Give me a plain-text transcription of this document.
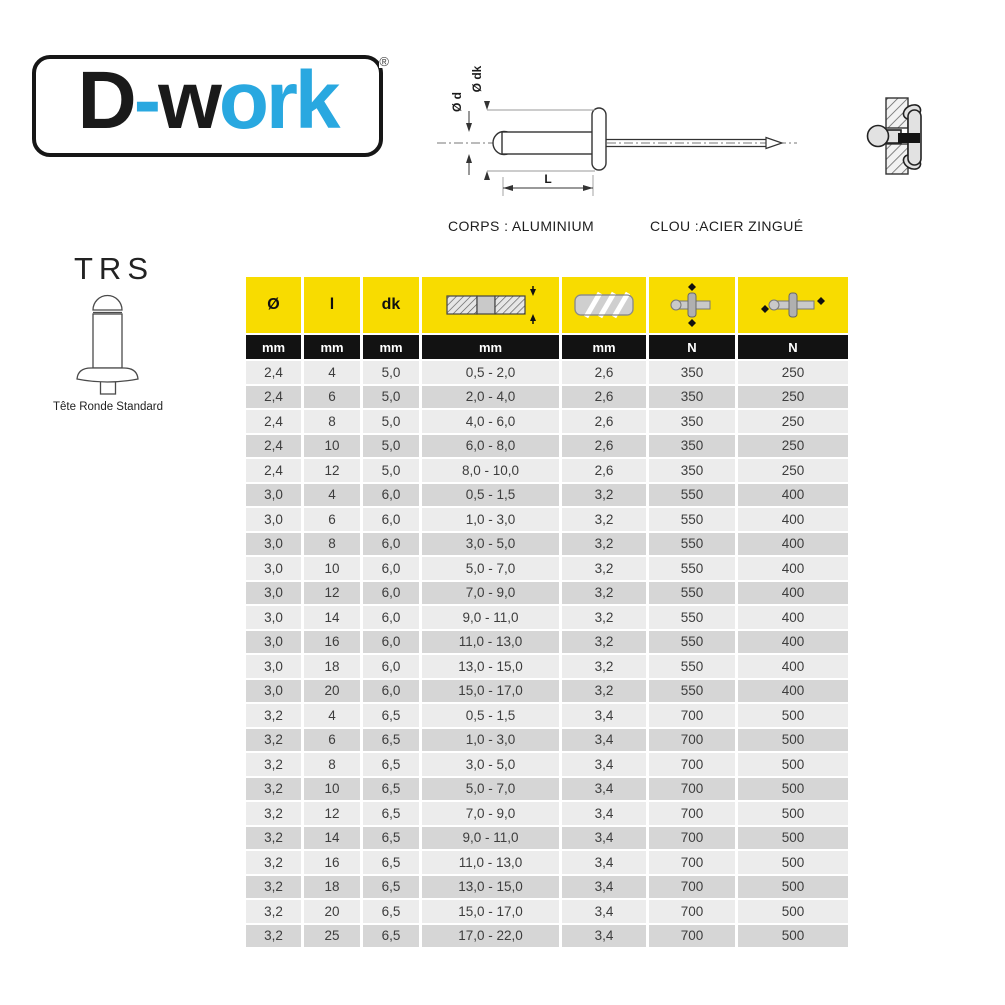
D-work	®
Ø d
Ø dk
L
CORPS : ALUMINIUM	CLOU :ACIER ZINGUÉ
TRS
Tête Ronde Standard
Ø	l	dk
mm	mm	mm	mm	mm	N	N
2,4	4	5,0	0,5 - 2,0	2,6	350	250
2,4	6	5,0	2,0 - 4,0	2,6	350	250
2,4	8	5,0	4,0 - 6,0	2,6	350	250
2,4	10	5,0	6,0 - 8,0	2,6	350	250
2,4	12	5,0	8,0 - 10,0	2,6	350	250
3,0	4	6,0	0,5 - 1,5	3,2	550	400
3,0	6	6,0	1,0 - 3,0	3,2	550	400
3,0	8	6,0	3,0 - 5,0	3,2	550	400
3,0	10	6,0	5,0 - 7,0	3,2	550	400
3,0	12	6,0	7,0 - 9,0	3,2	550	400
3,0	14	6,0	9,0 - 11,0	3,2	550	400
3,0	16	6,0	11,0 - 13,0	3,2	550	400
3,0	18	6,0	13,0 - 15,0	3,2	550	400
3,0	20	6,0	15,0 - 17,0	3,2	550	400
3,2	4	6,5	0,5 - 1,5	3,4	700	500
3,2	6	6,5	1,0 - 3,0	3,4	700	500
3,2	8	6,5	3,0 - 5,0	3,4	700	500
3,2	10	6,5	5,0 - 7,0	3,4	700	500
3,2	12	6,5	7,0 - 9,0	3,4	700	500
3,2	14	6,5	9,0 - 11,0	3,4	700	500
3,2	16	6,5	11,0 - 13,0	3,4	700	500
3,2	18	6,5	13,0 - 15,0	3,4	700	500
3,2	20	6,5	15,0 - 17,0	3,4	700	500
3,2	25	6,5	17,0 - 22,0	3,4	700	500
